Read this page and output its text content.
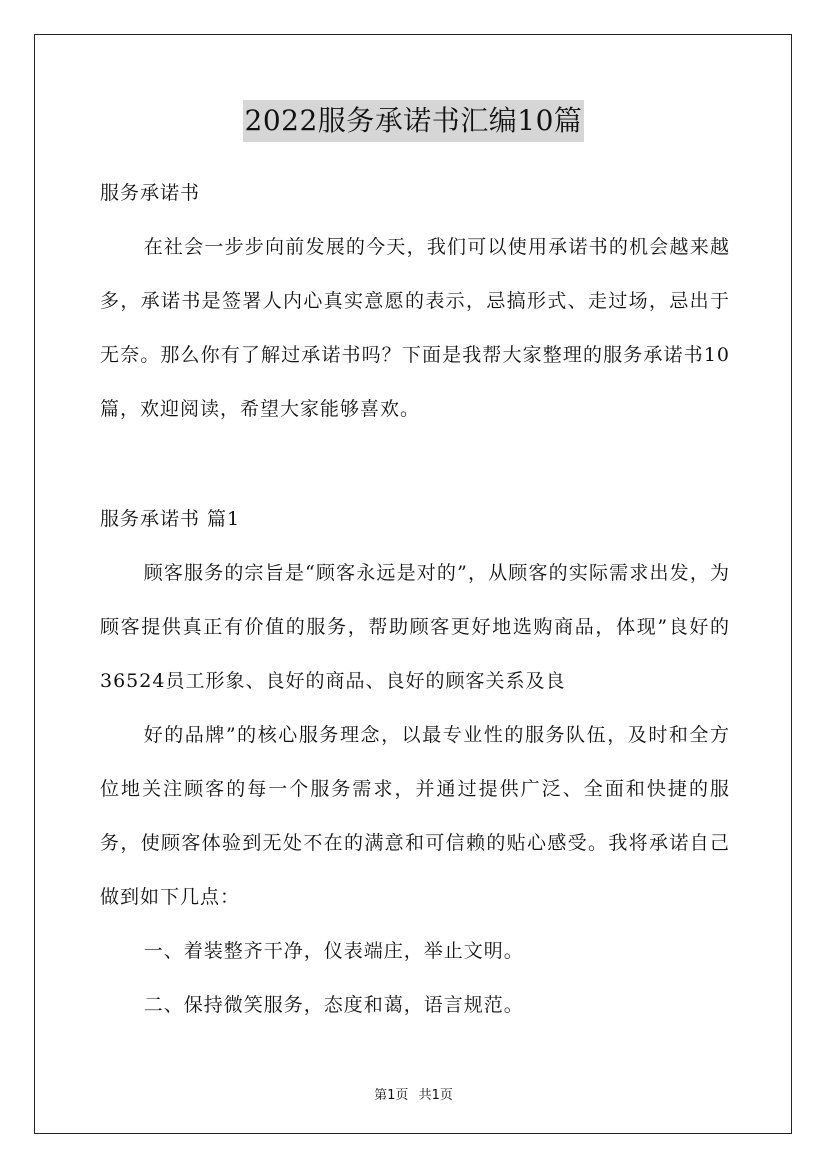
2022服务承诺书汇编10篇
服务承诺书
在社会一步步向前发展的今天，我们可以使用承诺书的机会越来越多，承诺书是签署人内心真实意愿的表示，忌搞形式、走过场，忌出于无奈。那么你有了解过承诺书吗？下面是我帮大家整理的服务承诺书10篇，欢迎阅读，希望大家能够喜欢。
服务承诺书 篇1
顾客服务的宗旨是“顾客永远是对的”，从顾客的实际需求出发，为顾客提供真正有价值的服务，帮助顾客更好地选购商品，体现”良好的36524员工形象、良好的商品、良好的顾客关系及良
好的品牌”的核心服务理念，以最专业性的服务队伍，及时和全方位地关注顾客的每一个服务需求，并通过提供广泛、全面和快捷的服务，使顾客体验到无处不在的满意和可信赖的贴心感受。我将承诺自己做到如下几点：
一、着装整齐干净，仪表端庄，举止文明。
二、保持微笑服务，态度和蔼，语言规范。
第1页 共1页
